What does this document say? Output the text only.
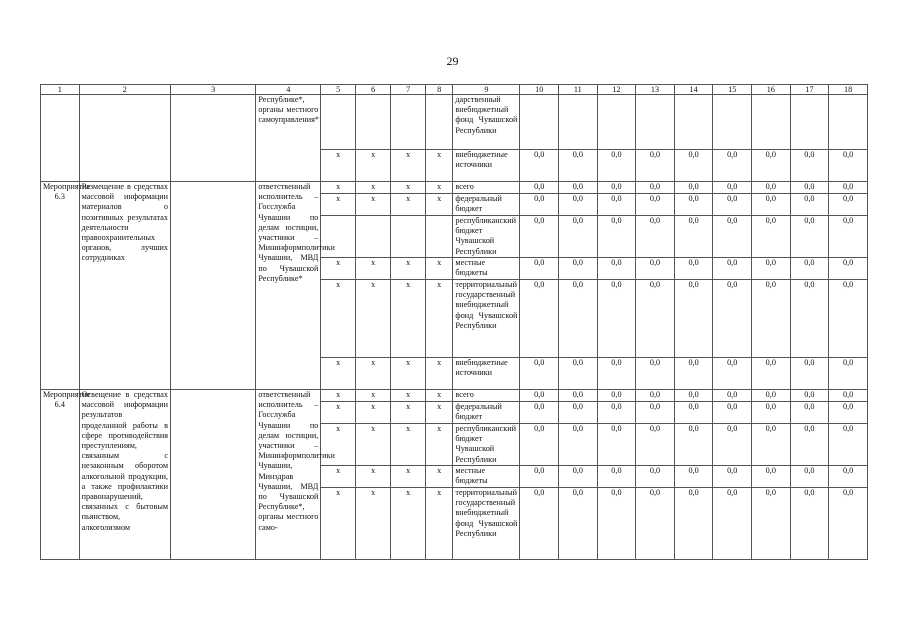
29
1	2	3	4	5	6	7	8	9	10	11	12	13	14	15	16	17	18
			Республике*, органы местного самоуправления*					дарственный внебюджетный фонд Чувашской Республики									
				x	x	x	x	внебюджетные источники	0,0	0,0	0,0	0,0	0,0	0,0	0,0	0,0	0,0
Мероприятие 6.3	Размещение в средствах массовой информации материалов о позитивных результатах деятельности правоохранительных органов, лучших сотрудниках		ответственный исполнитель – Госслужба Чувашии по делам юстиции, участники – Мининформполитики Чувашии, МВД по Чувашской Республике*	x	x	x	x	всего	0,0	0,0	0,0	0,0	0,0	0,0	0,0	0,0	0,0
				x	x	x	x	федеральный бюджет	0,0	0,0	0,0	0,0	0,0	0,0	0,0	0,0	0,0
								республиканский бюджет Чувашской Республики	0,0	0,0	0,0	0,0	0,0	0,0	0,0	0,0	0,0
				x	x	x	x	местные бюджеты	0,0	0,0	0,0	0,0	0,0	0,0	0,0	0,0	0,0
				x	x	x	x	территориальный государственный внебюджетный фонд Чувашской Республики	0,0	0,0	0,0	0,0	0,0	0,0	0,0	0,0	0,0
				x	x	x	x	внебюджетные источники	0,0	0,0	0,0	0,0	0,0	0,0	0,0	0,0	0,0
Мероприятие 6.4	Освещение в средствах массовой информации результатов проделанной работы в сфере противодействия преступлениям, связанным с незаконным оборотом алкогольной продукции, а также профилактики правонарушений, связанных с бытовым пьянством, алкоголизмом		ответственный исполнитель – Госслужба Чувашии по делам юстиции, участники – Мининформполитики Чувашии, Минздрав Чувашии, МВД по Чувашской Республике*, органы местного само-	x	x	x	x	всего	0,0	0,0	0,0	0,0	0,0	0,0	0,0	0,0	0,0
				x	x	x	x	федеральный бюджет	0,0	0,0	0,0	0,0	0,0	0,0	0,0	0,0	0,0
				x	x	x	x	республиканский бюджет Чувашской Республики	0,0	0,0	0,0	0,0	0,0	0,0	0,0	0,0	0,0
				x	x	x	x	местные бюджеты	0,0	0,0	0,0	0,0	0,0	0,0	0,0	0,0	0,0
				x	x	x	x	территориальный государственный внебюджетный фонд Чувашской Республики	0,0	0,0	0,0	0,0	0,0	0,0	0,0	0,0	0,0
